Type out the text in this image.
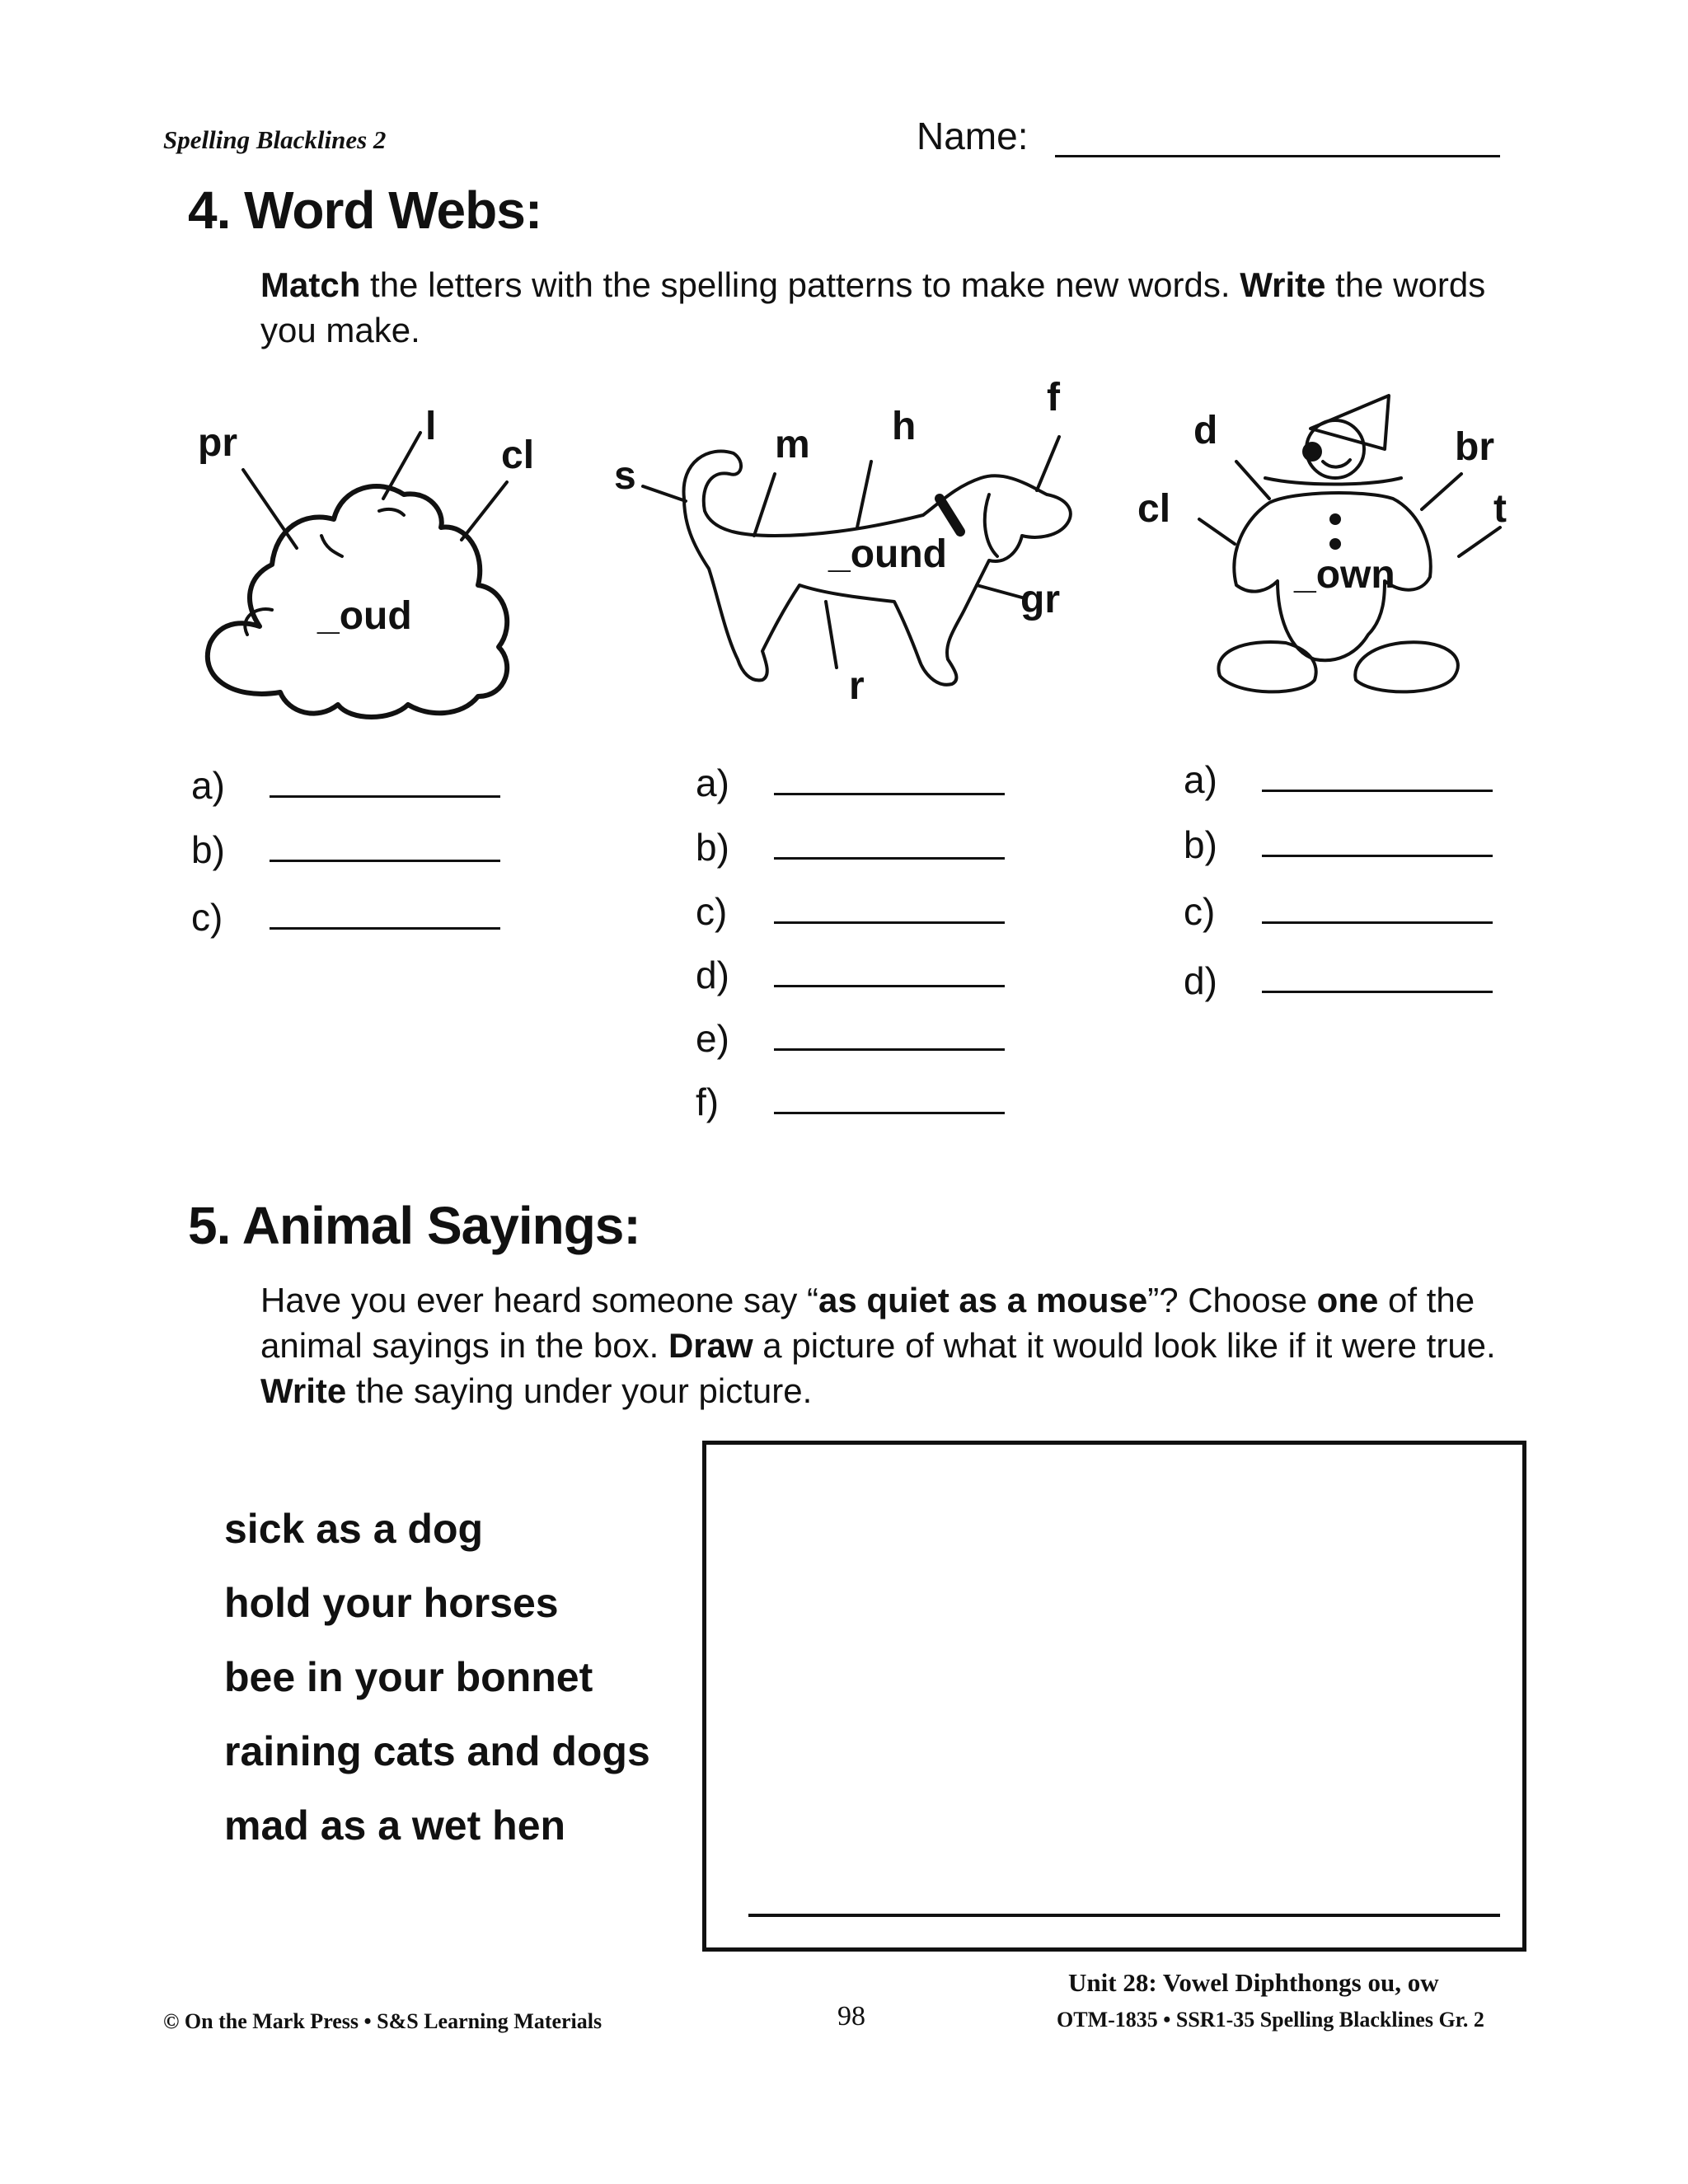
Spelling Blacklines 2	Name:
4. Word Webs:
Match the letters with the spelling patterns to make new words. Write the words you make.
pr	l
cl
_oud
s
m h
f
gr
r
_ound
d
cl
br
t
_own
a)
b)
c)
a)
b)
c)
d)
e)
f)
a)
b)
c)
d)
5. Animal Sayings:
Have you ever heard someone say “as quiet as a mouse”? Choose one of the animal sayings in the box. Draw a picture of what it would look like if it were true. Write the saying under your picture.
sick as a dog
hold your horses
bee in your bonnet
raining cats and dogs
mad as a wet hen
Unit 28: Vowel Diphthongs ou, ow
© On the Mark Press • S&S Learning Materials	98	OTM-1835 • SSR1-35 Spelling Blacklines Gr. 2
